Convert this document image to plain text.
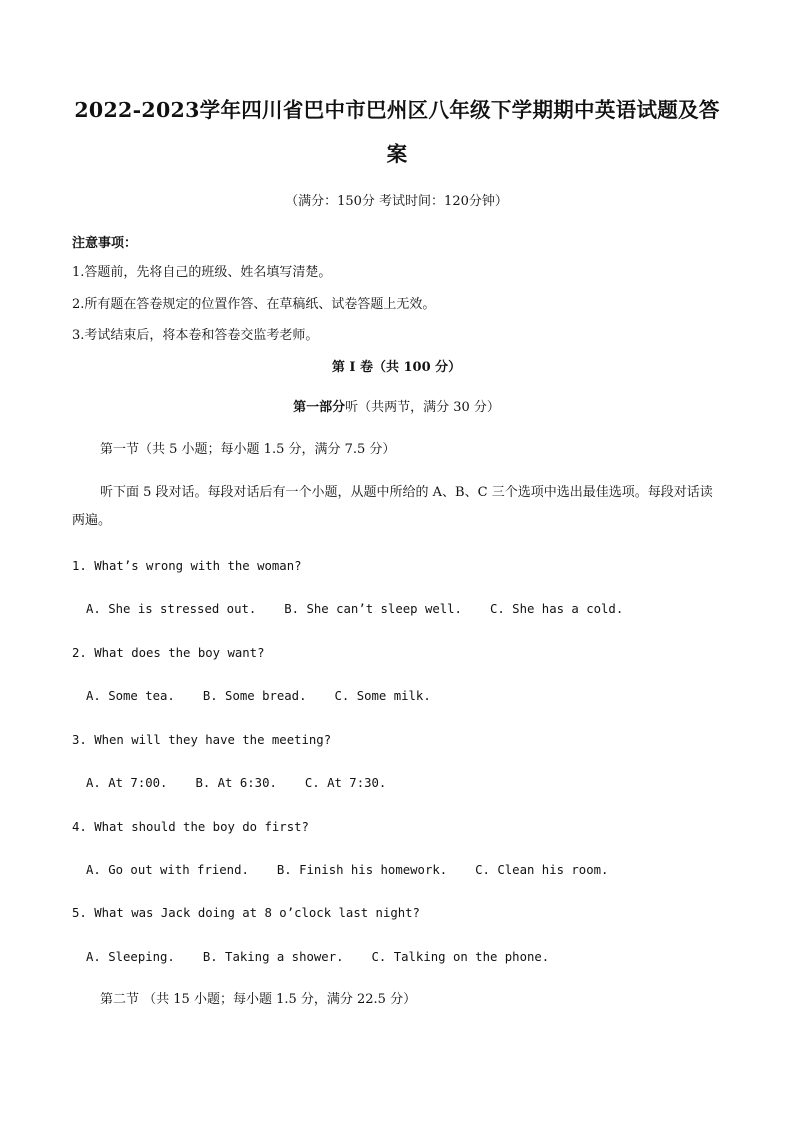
2022-2023学年四川省巴中市巴州区八年级下学期期中英语试题及答案
（满分：150分 考试时间：120分钟）
注意事项：
1.答题前，先将自己的班级、姓名填写清楚。
2.所有题在答卷规定的位置作答、在草稿纸、试卷答题上无效。
3.考试结束后，将本卷和答卷交监考老师。
第 I 卷（共 100 分）
第一部分听（共两节，满分 30 分）
第一节（共 5 小题；每小题 1.5 分，满分 7.5 分）
听下面 5 段对话。每段对话后有一个小题，从题中所给的 A、B、C 三个选项中选出最佳选项。每段对话读两遍。
1. What’s wrong with the woman?
A. She is stressed out. B. She can’t sleep well. C. She has a cold.
2. What does the boy want?
A. Some tea. B. Some bread. C. Some milk.
3. When will they have the meeting?
A. At 7:00. B. At 6:30. C. At 7:30.
4. What should the boy do first?
A. Go out with friend. B. Finish his homework. C. Clean his room.
5. What was Jack doing at 8 o’clock last night?
A. Sleeping. B. Taking a shower. C. Talking on the phone.
第二节 （共 15 小题；每小题 1.5 分，满分 22.5 分）
